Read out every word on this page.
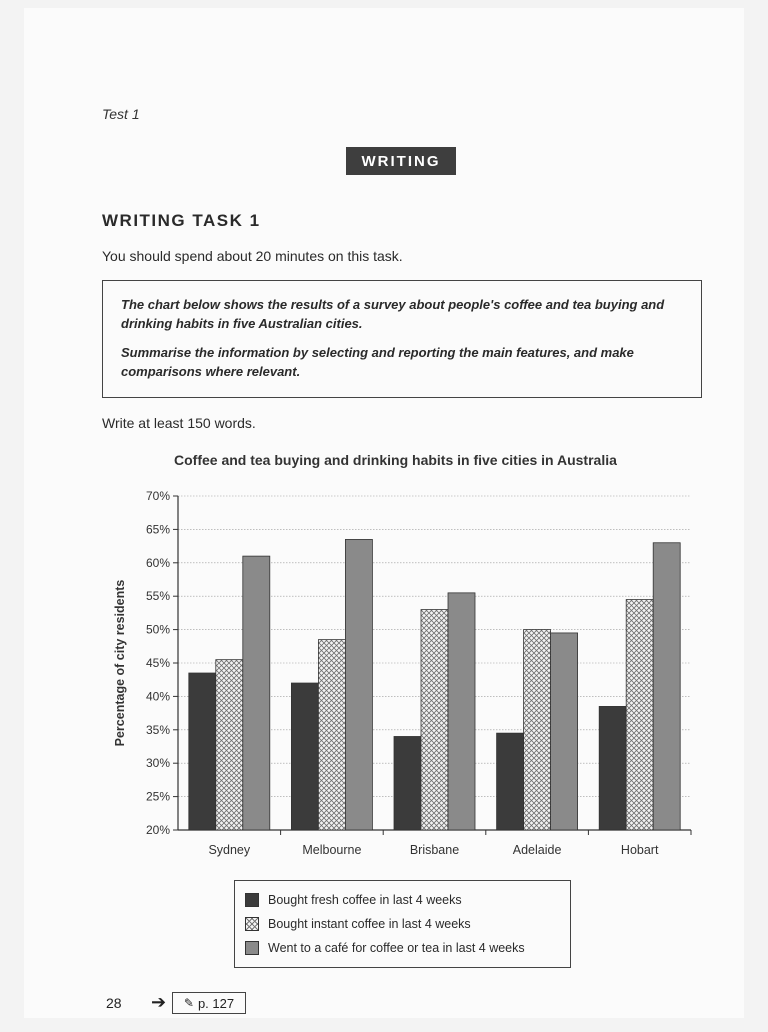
Test 1
WRITING
WRITING TASK 1
You should spend about 20 minutes on this task.

The chart below shows the results of a survey about people's coffee and tea buying and drinking habits in five Australian cities.

Summarise the information by selecting and reporting the main features, and make comparisons where relevant.

Write at least 150 words.
Coffee and tea buying and drinking habits in five cities in Australia
20%
25%
30%
35%
40%
45%
50%
55%
60%
65%
70%
Percentage of city residents
Sydney	Melbourne	Brisbane	Adelaide	Hobart
Bought fresh coffee in last 4 weeks
Bought instant coffee in last 4 weeks
Went to a café for coffee or tea in last 4 weeks
28 ➔ ✎ p. 127
